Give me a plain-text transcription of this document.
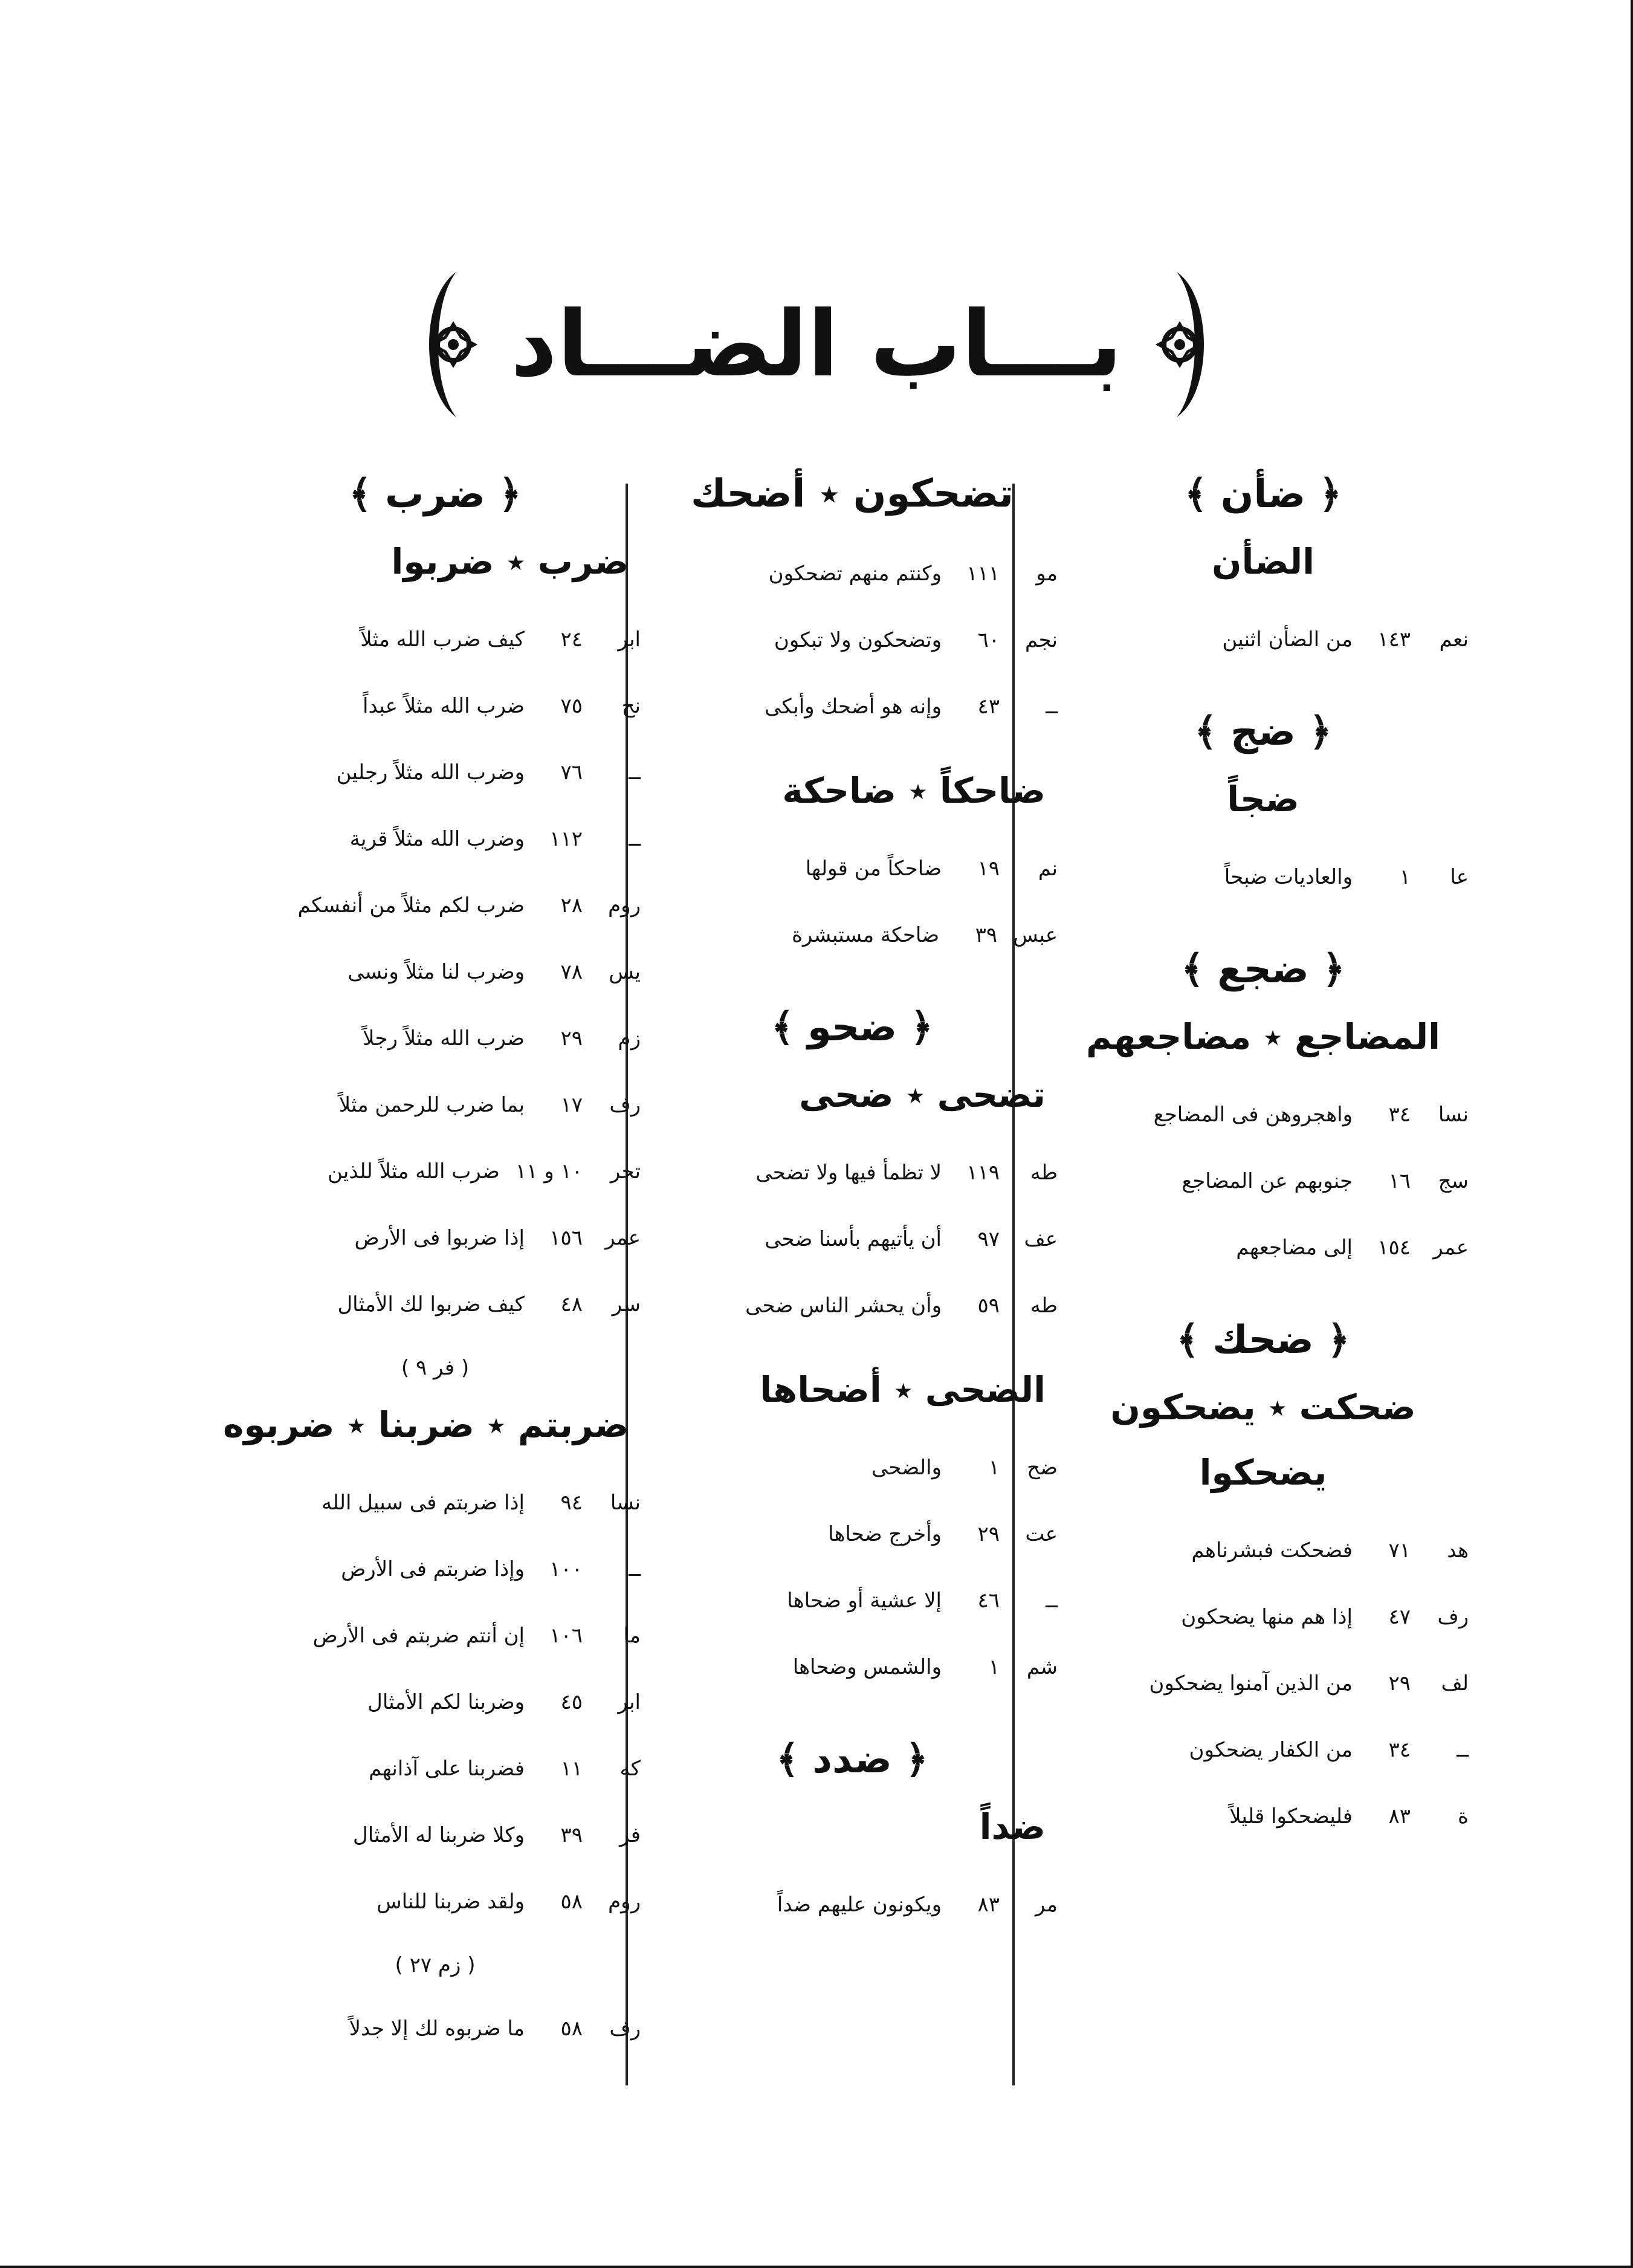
بـــاب الضـــاد
﴿ ضأن ﴾
الضأن
نعم
١٤٣
من الضأن اثنين
﴿ ضج ﴾
ضجاً
عا
١
والعاديات ضبحاً
﴿ ضجع ﴾
المضاجع ٭ مضاجعهم
نسا
٣٤
واهجروهن فى المضاجع
سج
١٦
جنوبهم عن المضاجع
عمر
١٥٤
إلى مضاجعهم
﴿ ضحك ﴾
ضحكت ٭ يضحكون
يضحكوا
هد
٧١
فضحكت فبشرناهم
رف
٤٧
إذا هم منها يضحكون
لف
٢٩
من الذين آمنوا يضحكون
ــ
٣٤
من الكفار يضحكون
ة
٨٣
فليضحكوا قليلاً
تضحكون ٭ أضحك
مو
١١١
وكنتم منهم تضحكون
نجم
٦٠
وتضحكون ولا تبكون
ــ
٤٣
وإنه هو أضحك وأبكى
ضاحكاً ٭ ضاحكة
نم
١٩
ضاحكاً من قولها
عبس
٣٩
ضاحكة مستبشرة
﴿ ضحو ﴾
تضحى ٭ ضحى
طه
١١٩
لا تظمأ فيها ولا تضحى
عف
٩٧
أن يأتيهم بأسنا ضحى
طه
٥٩
وأن يحشر الناس ضحى
الضحى ٭ أضحاها
ضح
١
والضحى
عت
٢٩
وأخرج ضحاها
ــ
٤٦
إلا عشية أو ضحاها
شم
١
والشمس وضحاها
﴿ ضدد ﴾
ضداً
مر
٨٣
ويكونون عليهم ضداً
﴿ ضرب ﴾
ضرب ٭ ضربوا
ابر
٢٤
كيف ضرب الله مثلاً
نح
٧٥
ضرب الله مثلاً عبداً
ــ
٧٦
وضرب الله مثلاً رجلين
ــ
١١٢
وضرب الله مثلاً قرية
روم
٢٨
ضرب لكم مثلاً من أنفسكم
يس
٧٨
وضرب لنا مثلاً ونسى
زم
٢٩
ضرب الله مثلاً رجلاً
رف
١٧
بما ضرب للرحمن مثلاً
تحر
١٠ و ١١
ضرب الله مثلاً للذين
عمر
١٥٦
إذا ضربوا فى الأرض
سر
٤٨
كيف ضربوا لك الأمثال
( فر ٩ )
ضربتم ٭ ضربنا ٭ ضربوه
نسا
٩٤
إذا ضربتم فى سبيل الله
ــ
١٠٠
وإذا ضربتم فى الأرض
ما
١٠٦
إن أنتم ضربتم فى الأرض
ابر
٤٥
وضربنا لكم الأمثال
كه
١١
فضربنا على آذانهم
فر
٣٩
وكلا ضربنا له الأمثال
روم
٥٨
ولقد ضربنا للناس
( زم ٢٧ )
رف
٥٨
ما ضربوه لك إلا جدلاً
